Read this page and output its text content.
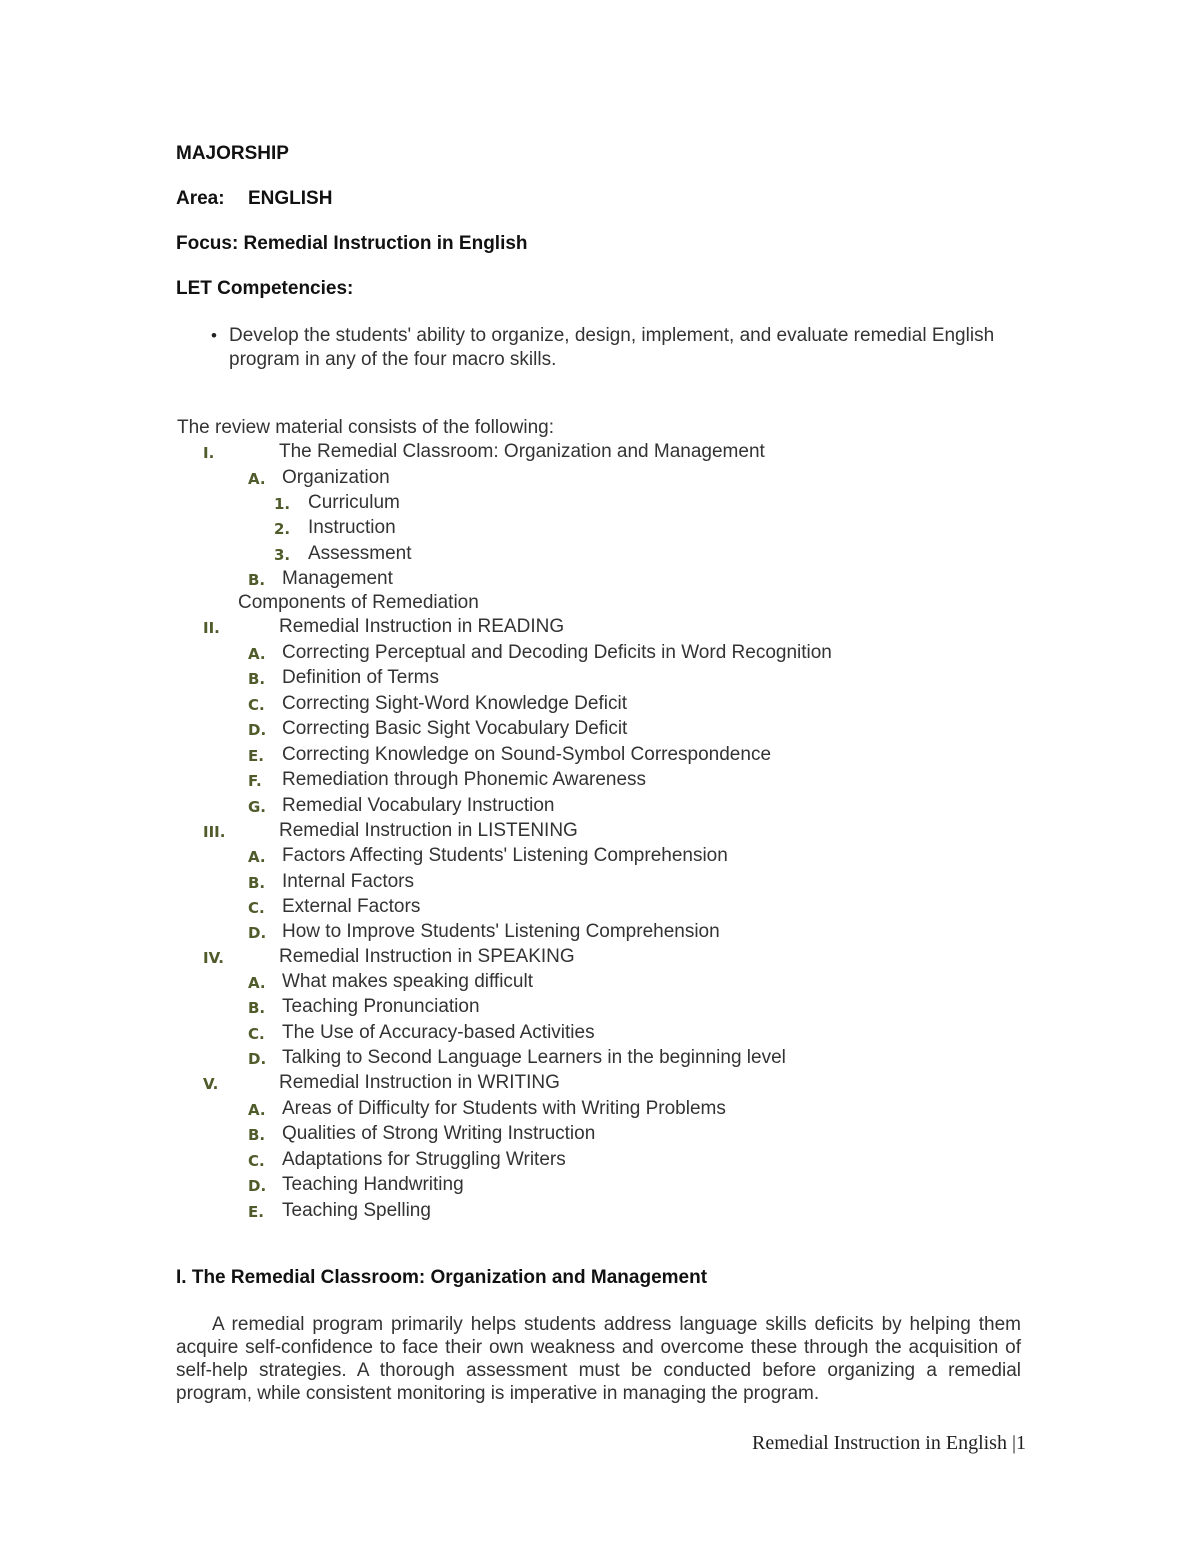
MAJORSHIP

Area: ENGLISH

Focus: Remedial Instruction in English

LET Competencies:

• Develop the students' ability to organize, design, implement, and evaluate remedial English

program in any of the four macro skills.

The review material consists of the following:

I.	The Remedial Classroom: Organization and Management
A. Organization
1. Curriculum
2. Instruction
3. Assessment
B. Management
Components of Remediation
II.	Remedial Instruction in READING
A. Correcting Perceptual and Decoding Deficits in Word Recognition
B. Definition of Terms
C. Correcting Sight-Word Knowledge Deficit
D. Correcting Basic Sight Vocabulary Deficit
E. Correcting Knowledge on Sound-Symbol Correspondence
F. Remediation through Phonemic Awareness
G. Remedial Vocabulary Instruction
III.	Remedial Instruction in LISTENING
A. Factors Affecting Students' Listening Comprehension
B. Internal Factors
C. External Factors
D. How to Improve Students' Listening Comprehension
IV.	Remedial Instruction in SPEAKING
A. What makes speaking difficult
B. Teaching Pronunciation
C. The Use of Accuracy-based Activities
D. Talking to Second Language Learners in the beginning level
V.	Remedial Instruction in WRITING
A. Areas of Difficulty for Students with Writing Problems
B. Qualities of Strong Writing Instruction
C. Adaptations for Struggling Writers
D. Teaching Handwriting
E. Teaching Spelling

I. The Remedial Classroom: Organization and Management

A remedial program primarily helps students address language skills deficits by helping them acquire self-confidence to face their own weakness and overcome these through the acquisition of self-help strategies. A thorough assessment must be conducted before organizing a remedial program, while consistent monitoring is imperative in managing the program.

Remedial Instruction in English |1
